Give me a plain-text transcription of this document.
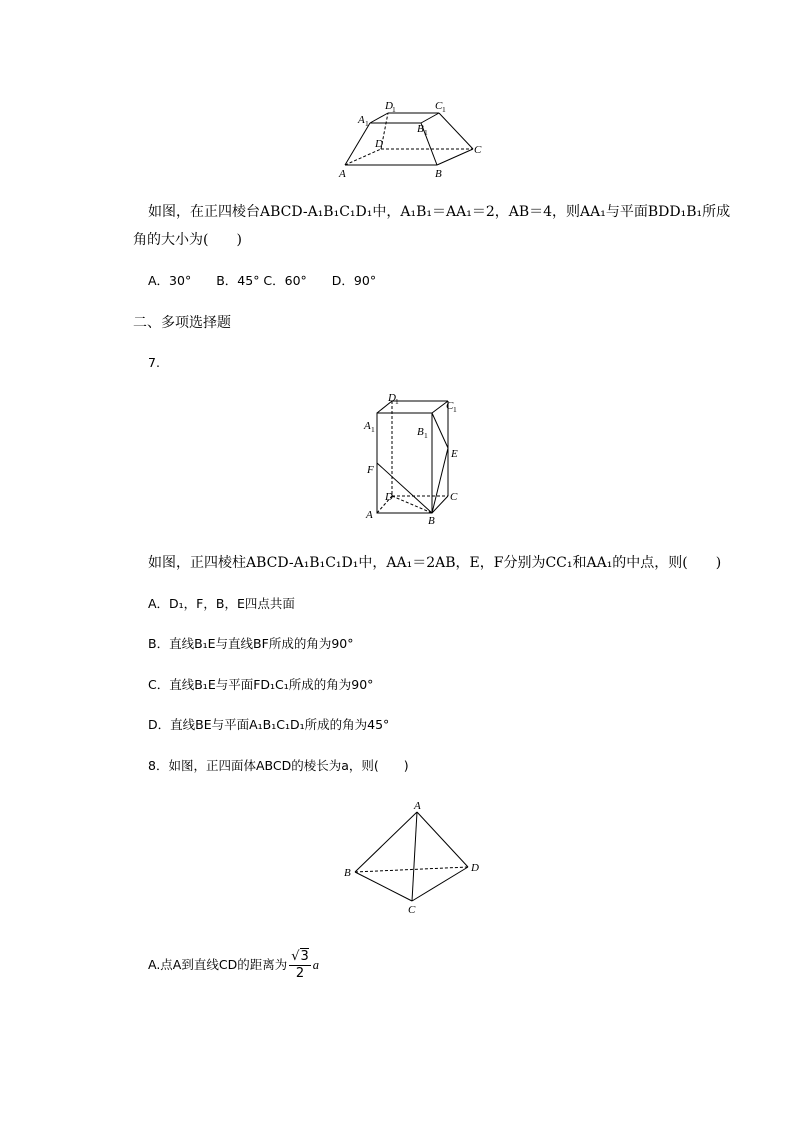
A	B
C
D
A 1	B 1
C 1
D 1
如图，在正四棱台ABCD-A₁B₁C₁D₁中，A₁B₁＝AA₁＝2，AB＝4，则AA₁与平面BDD₁B₁所成
角的大小为(　　)
A．30°　　B．45° C．60°　　D．90°
二、多项选择题
7.
A 1
D 1	C 1
B 1
E
F
D	C
A	B
如图，正四棱柱ABCD-A₁B₁C₁D₁中，AA₁＝2AB，E，F分别为CC₁和AA₁的中点，则(　　)
A．D₁，F，B，E四点共面
B．直线B₁E与直线BF所成的角为90°
C．直线B₁E与平面FD₁C₁所成的角为90°
D．直线BE与平面A₁B₁C₁D₁所成的角为45°
8．如图，正四面体ABCD的棱长为a，则(　　)
A
B
C
D
A.点A到直线CD的距离为 $\frac{√3}{2}$ a
